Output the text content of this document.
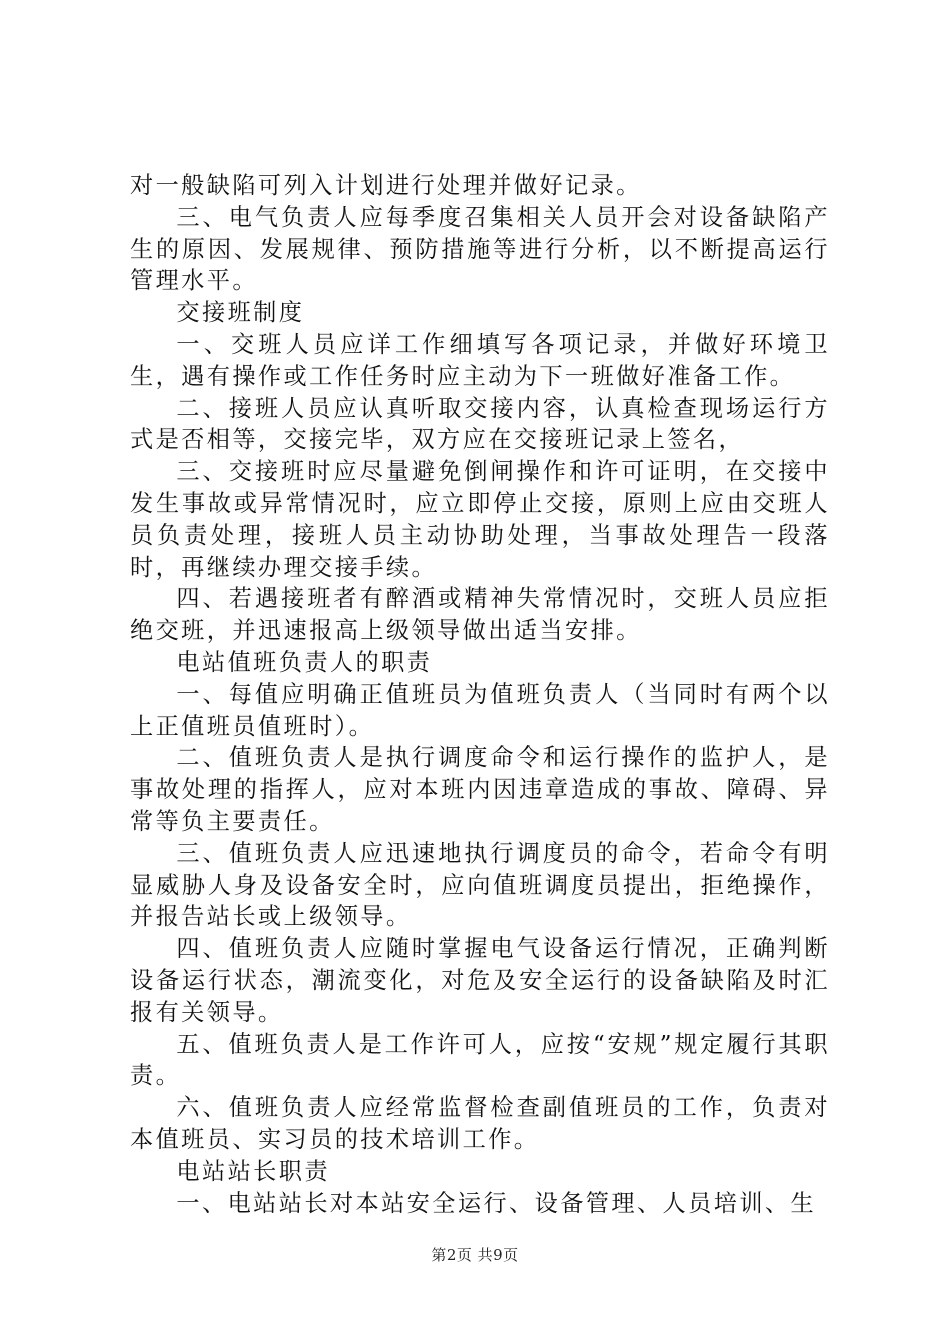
对一般缺陷可列入计划进行处理并做好记录。

三、电气负责人应每季度召集相关人员开会对设备缺陷产生的原因、发展规律、预防措施等进行分析，以不断提高运行管理水平。

交接班制度

一、交班人员应详工作细填写各项记录，并做好环境卫生，遇有操作或工作任务时应主动为下一班做好准备工作。

二、接班人员应认真听取交接内容，认真检查现场运行方式是否相等，交接完毕，双方应在交接班记录上签名，

三、交接班时应尽量避免倒闸操作和许可证明，在交接中发生事故或异常情况时，应立即停止交接，原则上应由交班人员负责处理，接班人员主动协助处理，当事故处理告一段落时，再继续办理交接手续。

四、若遇接班者有醉酒或精神失常情况时，交班人员应拒绝交班，并迅速报高上级领导做出适当安排。

电站值班负责人的职责

一、每值应明确正值班员为值班负责人（当同时有两个以上正值班员值班时）。

二、值班负责人是执行调度命令和运行操作的监护人，是事故处理的指挥人，应对本班内因违章造成的事故、障碍、异常等负主要责任。

三、值班负责人应迅速地执行调度员的命令，若命令有明显威胁人身及设备安全时，应向值班调度员提出，拒绝操作，并报告站长或上级领导。

四、值班负责人应随时掌握电气设备运行情况，正确判断设备运行状态，潮流变化，对危及安全运行的设备缺陷及时汇报有关领导。

五、值班负责人是工作许可人，应按“安规”规定履行其职责。

六、值班负责人应经常监督检查副值班员的工作，负责对本值班员、实习员的技术培训工作。

电站站长职责

一、电站站长对本站安全运行、设备管理、人员培训、生

第2页 共9页
